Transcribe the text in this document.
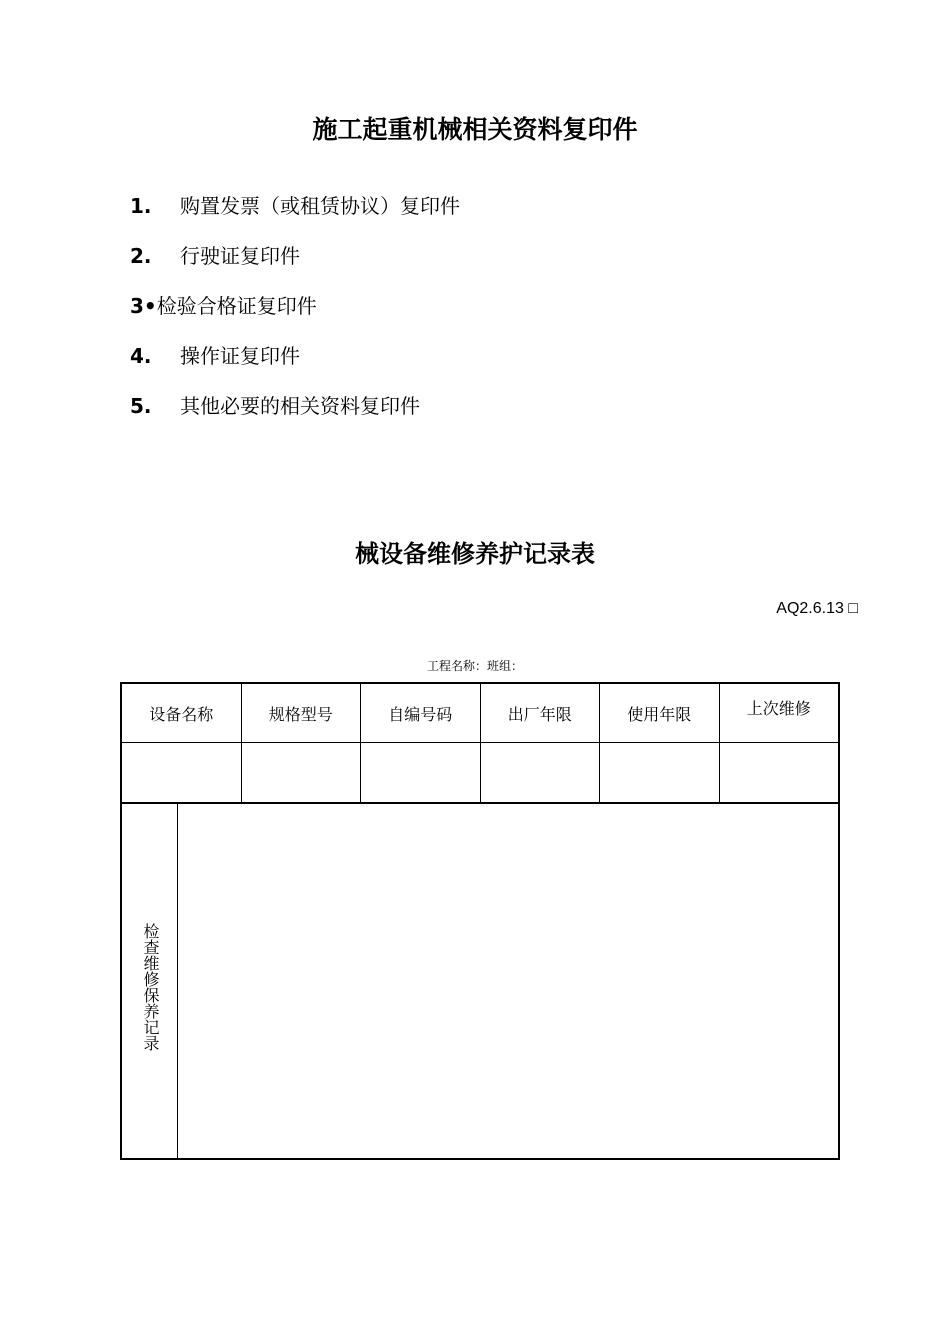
施工起重机械相关资料复印件
1. 购置发票（或租赁协议）复印件
2. 行驶证复印件
3•检验合格证复印件
4. 操作证复印件
5. 其他必要的相关资料复印件
械设备维修养护记录表
AQ2.6.13 □
工程名称：班组：
设备名称	规格型号	自编号码	出厂年限	使用年限	上次维修
检查维修保养记录
